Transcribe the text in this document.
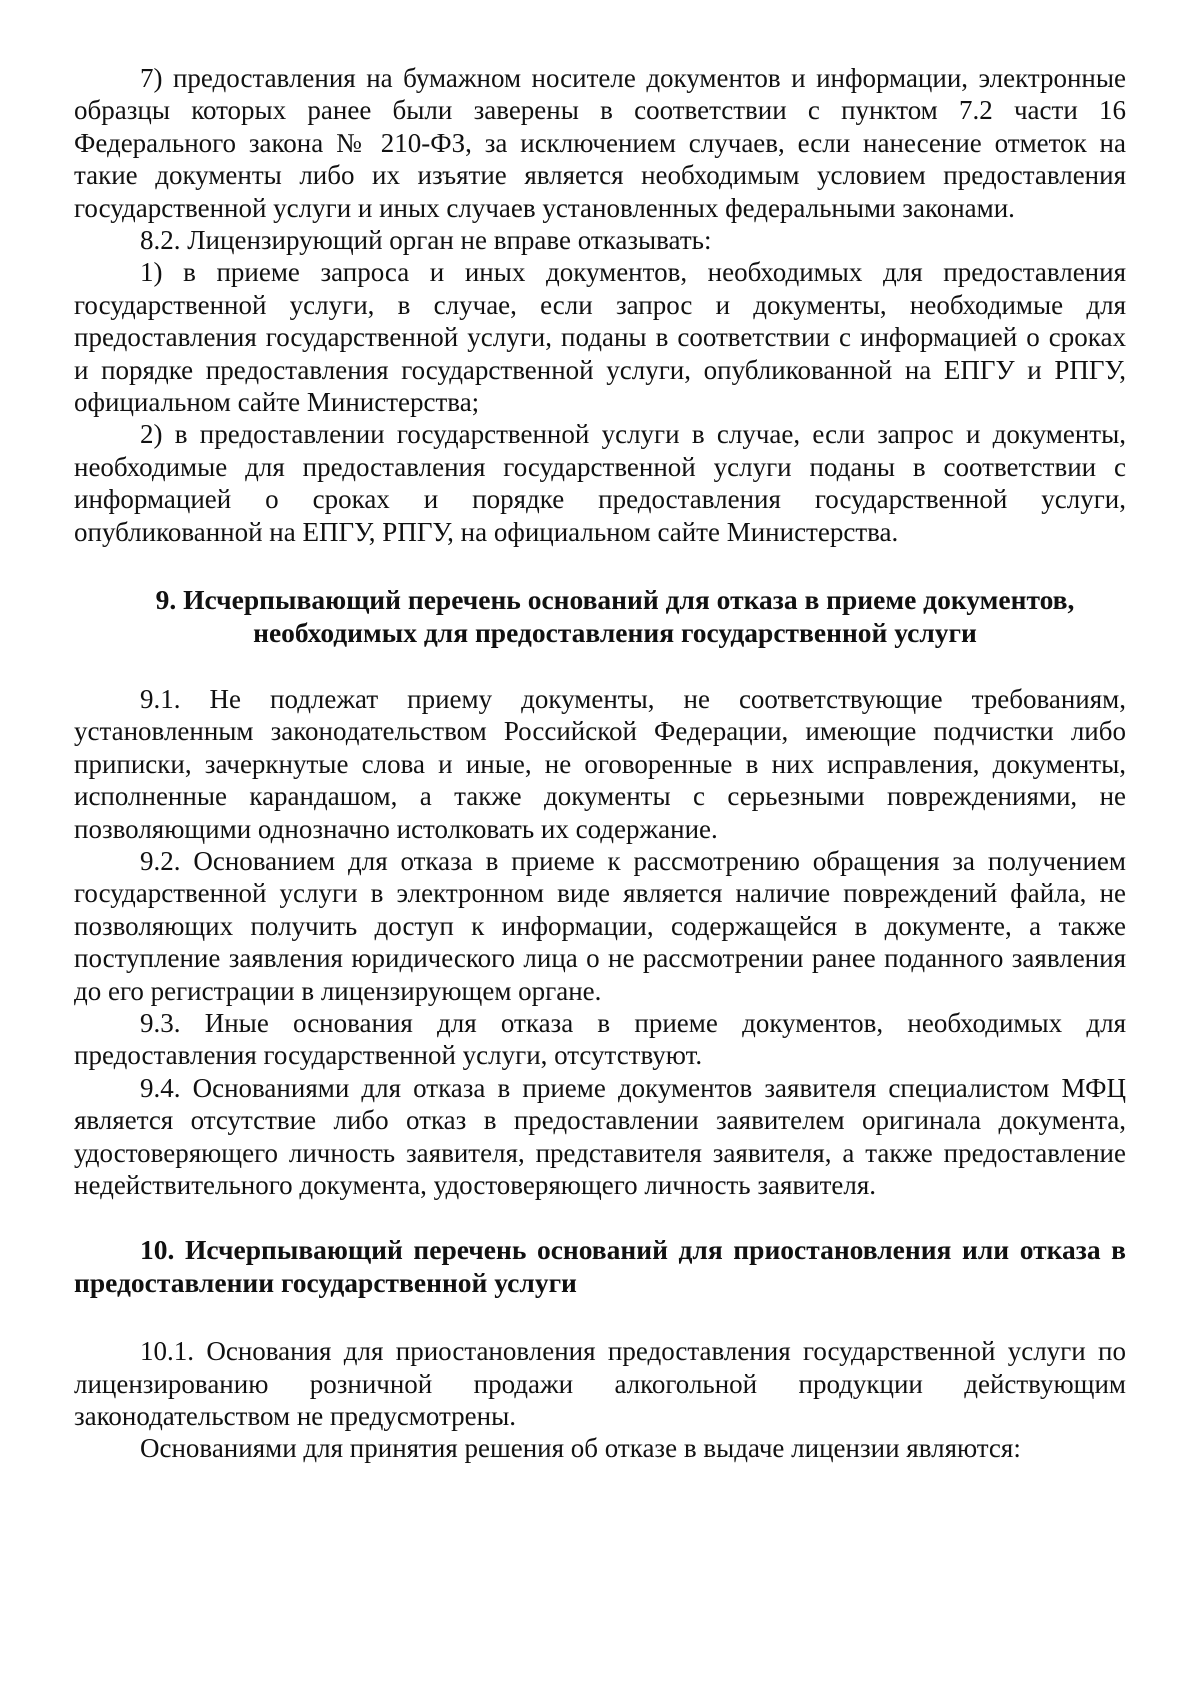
7) предоставления на бумажном носителе документов и информации, электронные образцы которых ранее были заверены в соответствии с пунктом 7.2 части 16 Федерального закона № 210-ФЗ, за исключением случаев, если нанесение отметок на такие документы либо их изъятие является необходимым условием предоставления государственной услуги и иных случаев установленных федеральными законами.

8.2. Лицензирующий орган не вправе отказывать:

1) в приеме запроса и иных документов, необходимых для предоставления государственной услуги, в случае, если запрос и документы, необходимые для предоставления государственной услуги, поданы в соответствии с информацией о сроках и порядке предоставления государственной услуги, опубликованной на ЕПГУ и РПГУ, официальном сайте Министерства;

2) в предоставлении государственной услуги в случае, если запрос и документы, необходимые для предоставления государственной услуги поданы в соответствии с информацией о сроках и порядке предоставления государственной услуги, опубликованной на ЕПГУ, РПГУ, на официальном сайте Министерства.

9. Исчерпывающий перечень оснований для отказа в приеме документов,
необходимых для предоставления государственной услуги

9.1. Не подлежат приему документы, не соответствующие требованиям, установленным законодательством Российской Федерации, имеющие подчистки либо приписки, зачеркнутые слова и иные, не оговоренные в них исправления, документы, исполненные карандашом, а также документы с серьезными повреждениями, не позволяющими однозначно истолковать их содержание.

9.2. Основанием для отказа в приеме к рассмотрению обращения за получением государственной услуги в электронном виде является наличие повреждений файла, не позволяющих получить доступ к информации, содержащейся в документе, а также поступление заявления юридического лица о не рассмотрении ранее поданного заявления до его регистрации в лицензирующем органе.

9.3. Иные основания для отказа в приеме документов, необходимых для предоставления государственной услуги, отсутствуют.

9.4. Основаниями для отказа в приеме документов заявителя специалистом МФЦ является отсутствие либо отказ в предоставлении заявителем оригинала документа, удостоверяющего личность заявителя, представителя заявителя, а также предоставление недействительного документа, удостоверяющего личность заявителя.

10. Исчерпывающий перечень оснований для приостановления или отказа в предоставлении государственной услуги

10.1. Основания для приостановления предоставления государственной услуги по лицензированию розничной продажи алкогольной продукции действующим законодательством не предусмотрены.

Основаниями для принятия решения об отказе в выдаче лицензии являются:
